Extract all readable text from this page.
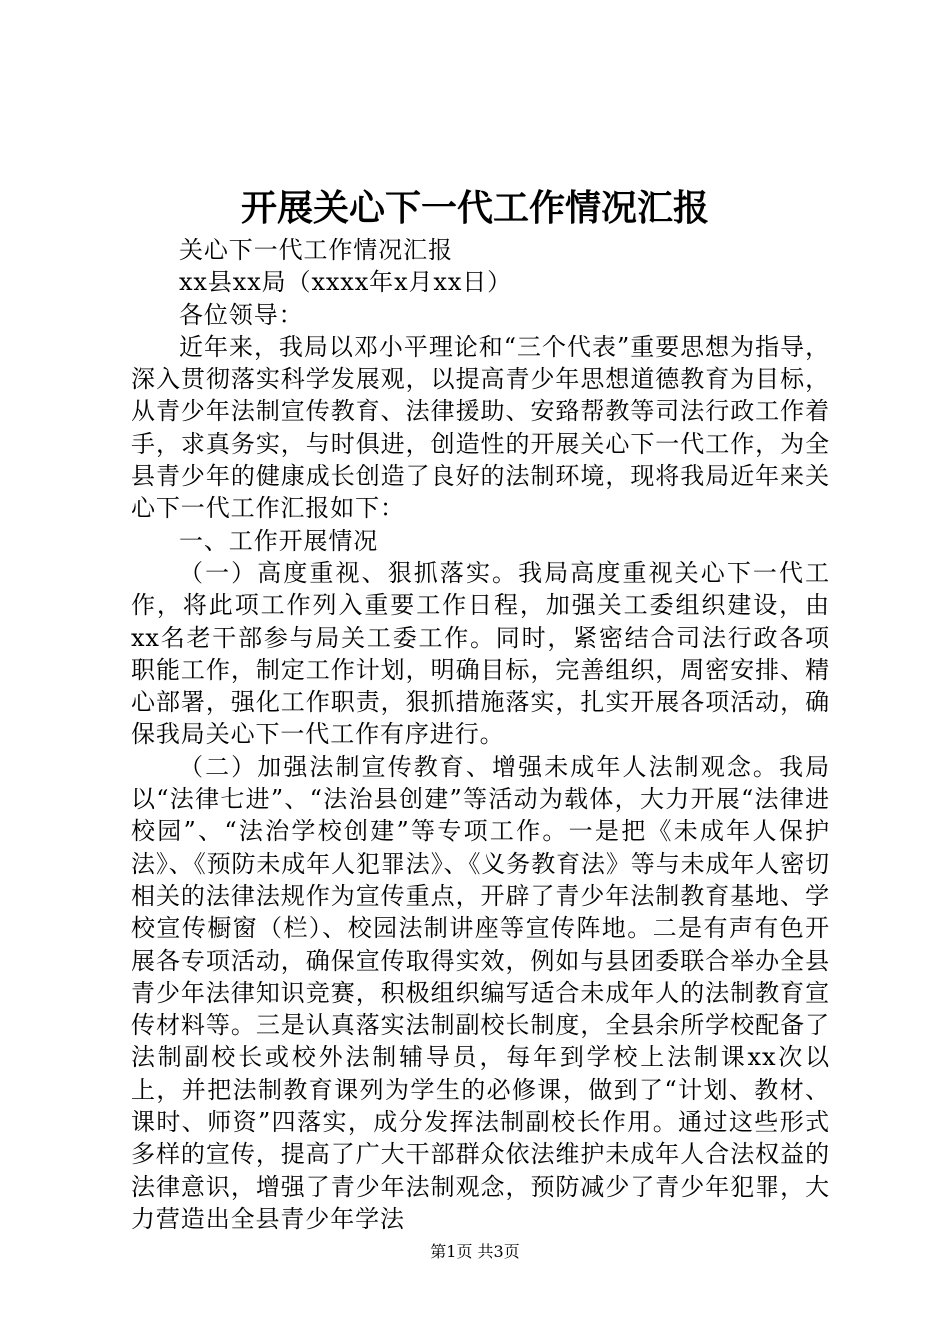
开展关心下一代工作情况汇报

关心下一代工作情况汇报

xx县xx局（xxxx年x月xx日）

各位领导：

近年来，我局以邓小平理论和“三个代表”重要思想为指导，深入贯彻落实科学发展观，以提高青少年思想道德教育为目标，从青少年法制宣传教育、法律援助、安臵帮教等司法行政工作着手，求真务实，与时俱进，创造性的开展关心下一代工作，为全县青少年的健康成长创造了良好的法制环境，现将我局近年来关心下一代工作汇报如下：

一、工作开展情况

（一）高度重视、狠抓落实。我局高度重视关心下一代工作，将此项工作列入重要工作日程，加强关工委组织建设，由xx名老干部参与局关工委工作。同时，紧密结合司法行政各项职能工作，制定工作计划，明确目标，完善组织，周密安排、精心部署，强化工作职责，狠抓措施落实，扎实开展各项活动，确保我局关心下一代工作有序进行。

（二）加强法制宣传教育、增强未成年人法制观念。我局以“法律七进”、“法治县创建”等活动为载体，大力开展“法律进校园”、“法治学校创建”等专项工作。一是把《未成年人保护法》、《预防未成年人犯罪法》、《义务教育法》等与未成年人密切相关的法律法规作为宣传重点，开辟了青少年法制教育基地、学校宣传橱窗（栏）、校园法制讲座等宣传阵地。二是有声有色开展各专项活动，确保宣传取得实效，例如与县团委联合举办全县青少年法律知识竞赛，积极组织编写适合未成年人的法制教育宣传材料等。三是认真落实法制副校长制度，全县余所学校配备了法制副校长或校外法制辅导员，每年到学校上法制课xx次以上，并把法制教育课列为学生的必修课，做到了“计划、教材、课时、师资”四落实，成分发挥法制副校长作用。通过这些形式多样的宣传，提高了广大干部群众依法维护未成年人合法权益的法律意识，增强了青少年法制观念，预防减少了青少年犯罪，大力营造出全县青少年学法

第1页 共3页
